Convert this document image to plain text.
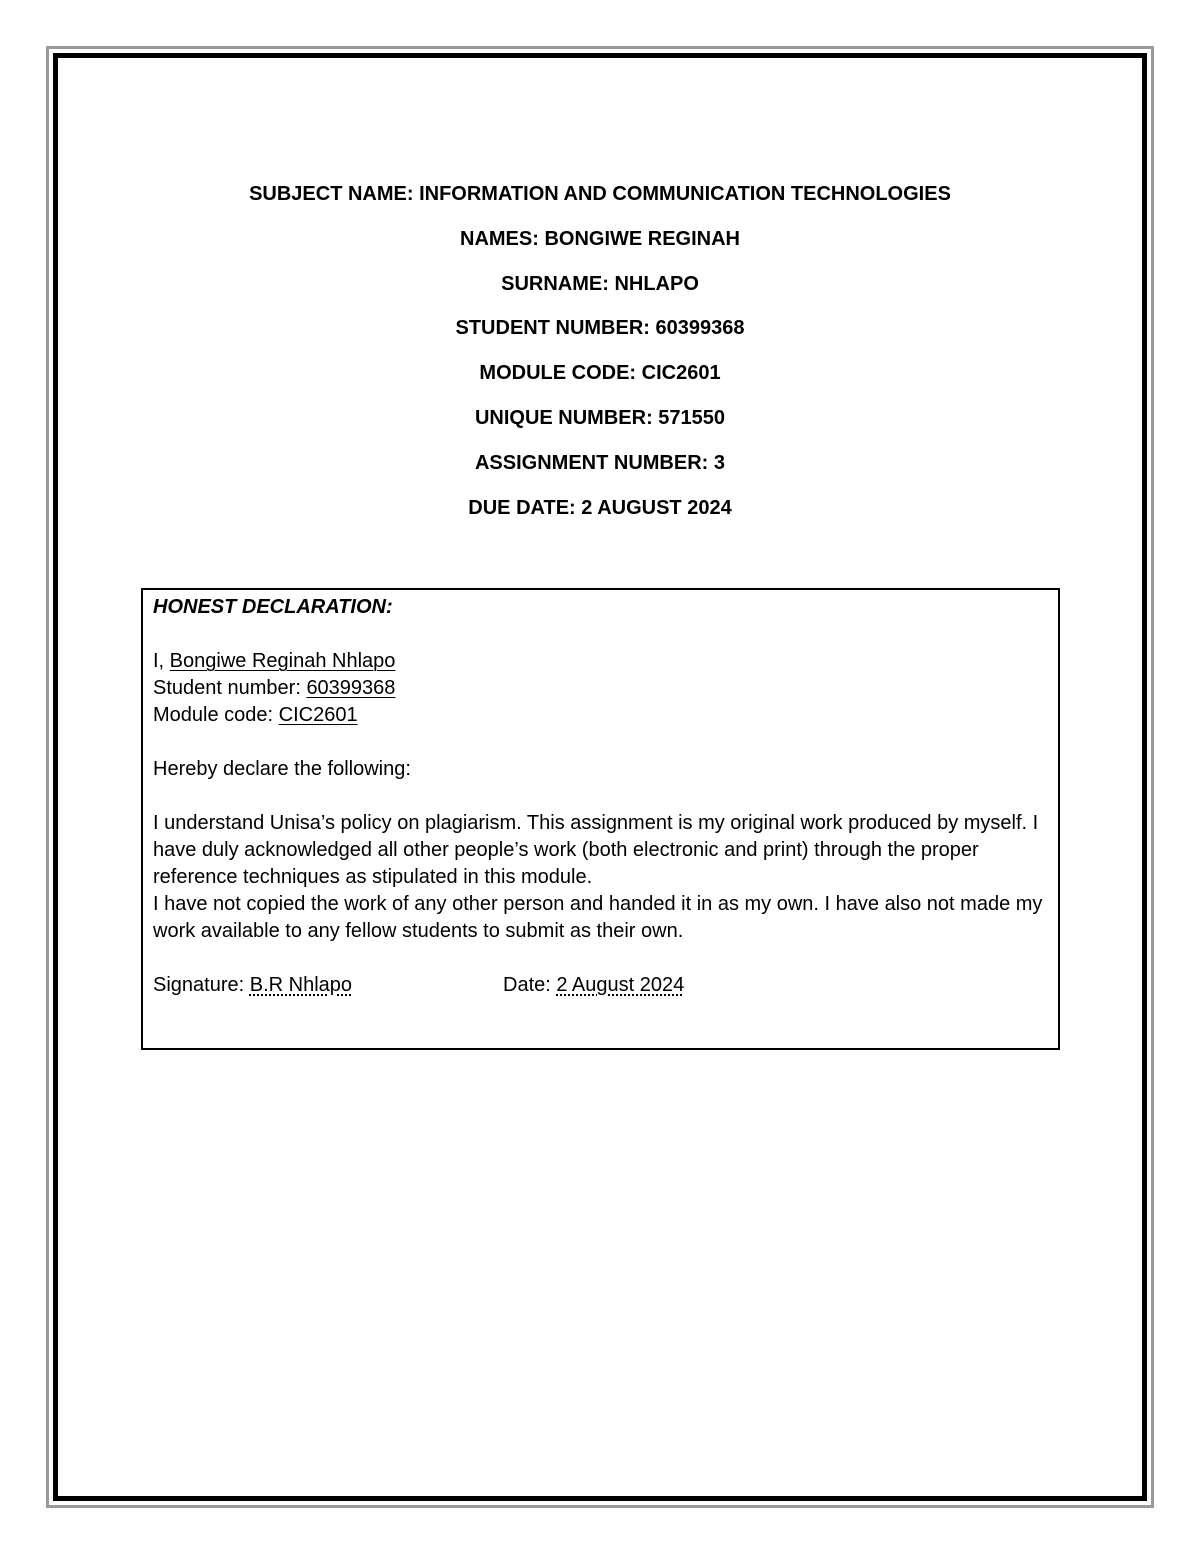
SUBJECT NAME: INFORMATION AND COMMUNICATION TECHNOLOGIES
NAMES: BONGIWE REGINAH
SURNAME: NHLAPO
STUDENT NUMBER: 60399368
MODULE CODE: CIC2601
UNIQUE NUMBER: 571550
ASSIGNMENT NUMBER: 3
DUE DATE: 2 AUGUST 2024

HONEST DECLARATION:

I, Bongiwe Reginah Nhlapo

Student number: 60399368

Module code: CIC2601

Hereby declare the following:

I understand Unisa’s policy on plagiarism. This assignment is my original work produced by myself. I have duly acknowledged all other people’s work (both electronic and print) through the proper reference techniques as stipulated in this module.

I have not copied the work of any other person and handed it in as my own. I have also not made my work available to any fellow students to submit as their own.

Signature: B.R Nhlapo	Date: 2 August 2024
